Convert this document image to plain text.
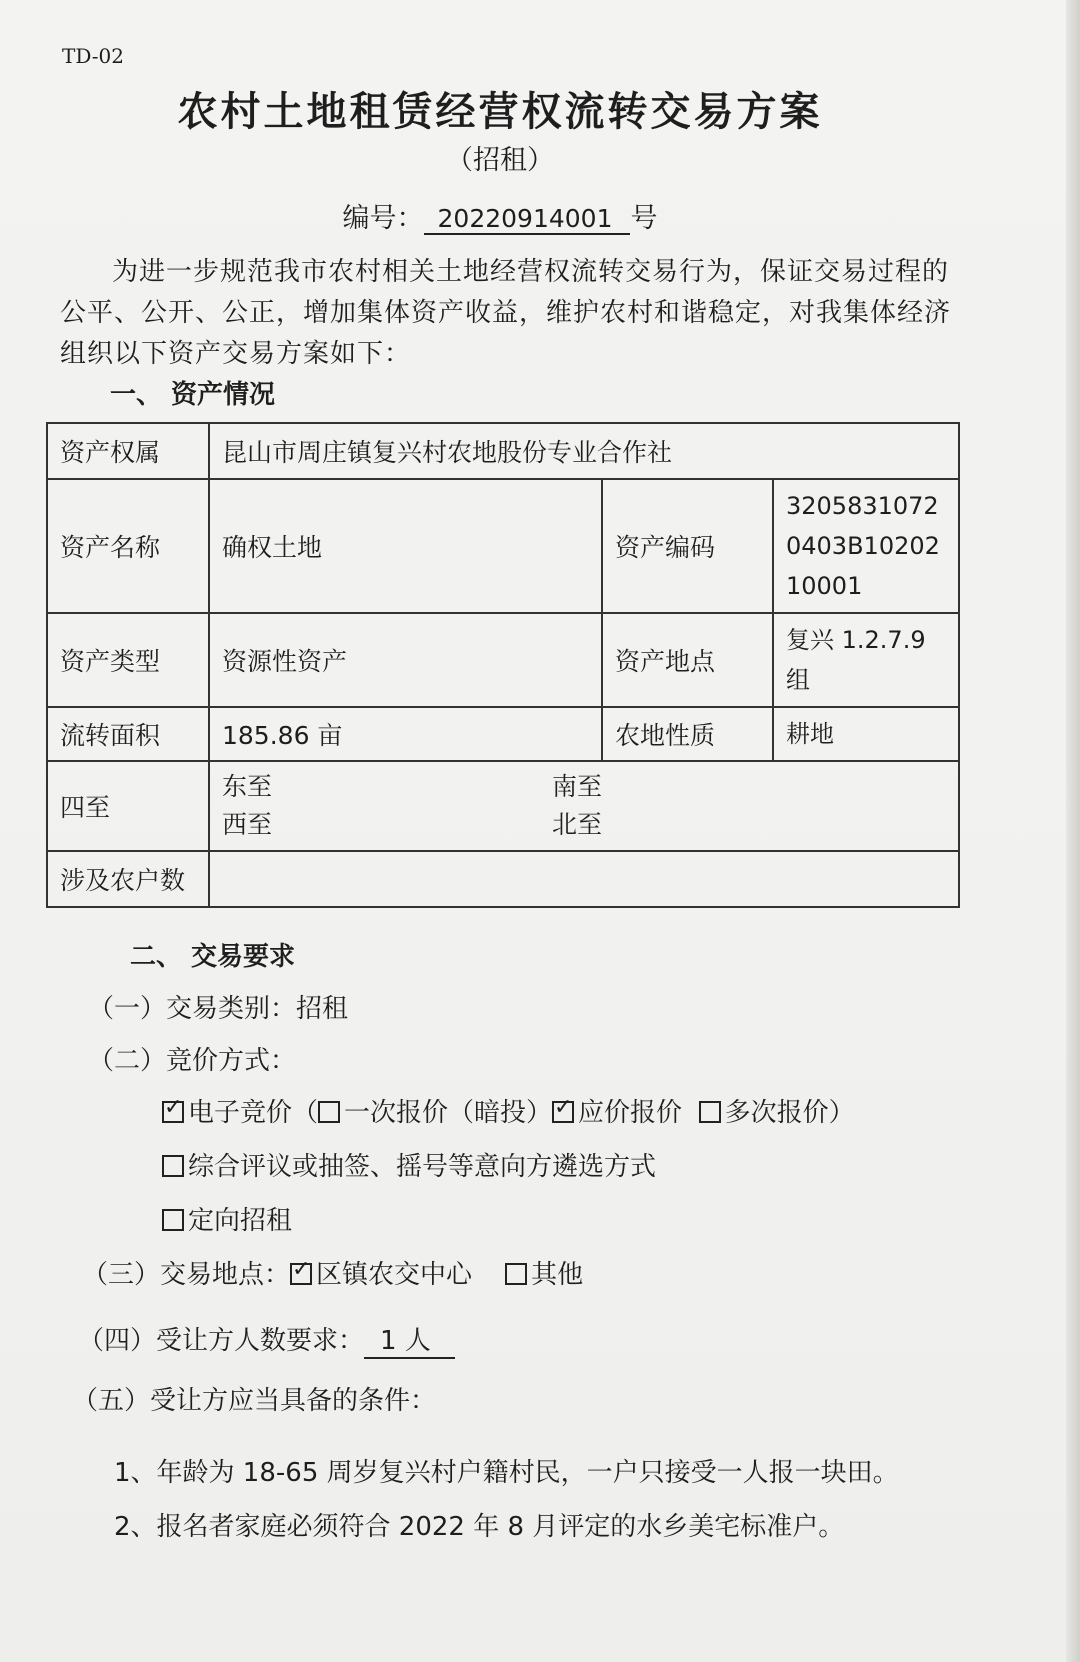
TD-02
农村土地租赁经营权流转交易方案
（招租）
编号： 20220914001 号
为进一步规范我市农村相关土地经营权流转交易行为，保证交易过程的公平、公开、公正，增加集体资产收益，维护农村和谐稳定，对我集体经济组织以下资产交易方案如下：
一、 资产情况
资产权属	昆山市周庄镇复兴村农地股份专业合作社		
资产名称	确权土地	资产编码	32058310720403B1020210001
资产类型	资源性资产	资产地点	复兴 1.2.7.9 组
流转面积	185.86 亩	农地性质	耕地
四至	东至 南至
西至 北至		
涉及农户数			
二、 交易要求
（一）交易类别：招租
（二）竞价方式：
✓电子竞价（ 一次报价（暗投） ✓ 应价报价 多次报价）
综合评议或抽签、摇号等意向方遴选方式
定向招租
（三）交易地点： ✓ 区镇农交中心 其他
（四）受让方人数要求： 1 人
（五）受让方应当具备的条件：
1、年龄为 18-65 周岁复兴村户籍村民，一户只接受一人报一块田。
2、报名者家庭必须符合 2022 年 8 月评定的水乡美宅标准户。
